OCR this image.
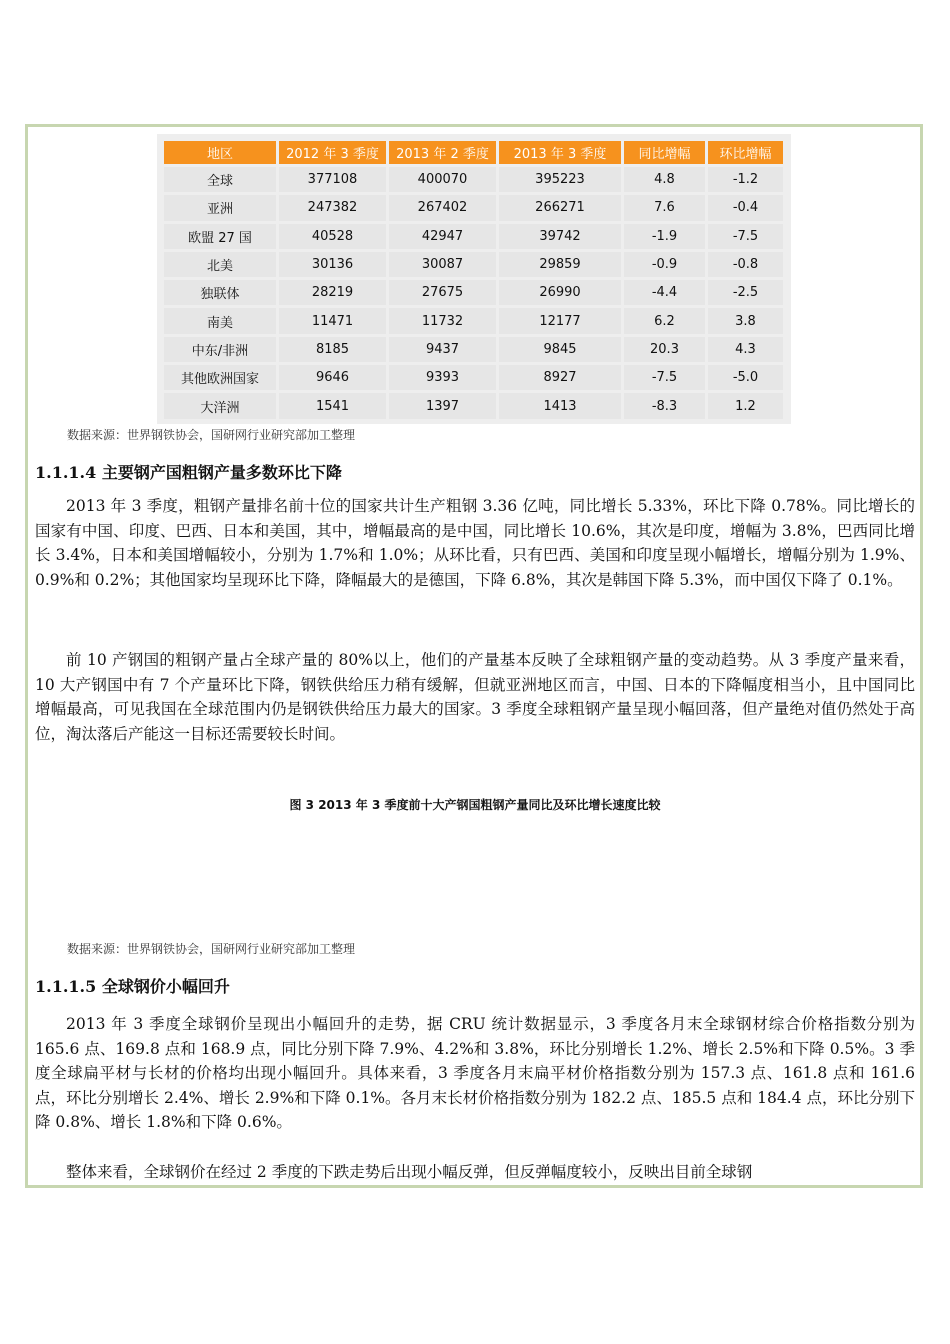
地区	2012 年 3 季度	2013 年 2 季度	2013 年 3 季度	同比增幅	环比增幅
全球	377108	400070	395223	4.8	-1.2
亚洲	247382	267402	266271	7.6	-0.4
欧盟 27 国	40528	42947	39742	-1.9	-7.5
北美	30136	30087	29859	-0.9	-0.8
独联体	28219	27675	26990	-4.4	-2.5
南美	11471	11732	12177	6.2	3.8
中东/非洲	8185	9437	9845	20.3	4.3
其他欧洲国家	9646	9393	8927	-7.5	-5.0
大洋洲	1541	1397	1413	-8.3	1.2
数据来源：世界钢铁协会，国研网行业研究部加工整理
1.1.1.4 主要钢产国粗钢产量多数环比下降
2013 年 3 季度，粗钢产量排名前十位的国家共计生产粗钢 3.36 亿吨，同比增长 5.33%，环比下降 0.78%。同比增长的国家有中国、印度、巴西、日本和美国，其中，增幅最高的是中国，同比增长 10.6%，其次是印度，增幅为 3.8%，巴西同比增长 3.4%，日本和美国增幅较小，分别为 1.7%和 1.0%；从环比看，只有巴西、美国和印度呈现小幅增长，增幅分别为 1.9%、0.9%和 0.2%；其他国家均呈现环比下降，降幅最大的是德国，下降 6.8%，其次是韩国下降 5.3%，而中国仅下降了 0.1%。
前 10 产钢国的粗钢产量占全球产量的 80%以上，他们的产量基本反映了全球粗钢产量的变动趋势。从 3 季度产量来看，10 大产钢国中有 7 个产量环比下降，钢铁供给压力稍有缓解，但就亚洲地区而言，中国、日本的下降幅度相当小，且中国同比增幅最高，可见我国在全球范围内仍是钢铁供给压力最大的国家。3 季度全球粗钢产量呈现小幅回落，但产量绝对值仍然处于高位，淘汰落后产能这一目标还需要较长时间。
图 3 2013 年 3 季度前十大产钢国粗钢产量同比及环比增长速度比较
数据来源：世界钢铁协会，国研网行业研究部加工整理
1.1.1.5 全球钢价小幅回升
2013 年 3 季度全球钢价呈现出小幅回升的走势，据 CRU 统计数据显示，3 季度各月末全球钢材综合价格指数分别为 165.6 点、169.8 点和 168.9 点，同比分别下降 7.9%、4.2%和 3.8%，环比分别增长 1.2%、增长 2.5%和下降 0.5%。3 季度全球扁平材与长材的价格均出现小幅回升。具体来看，3 季度各月末扁平材价格指数分别为 157.3 点、161.8 点和 161.6 点，环比分别增长 2.4%、增长 2.9%和下降 0.1%。各月末长材价格指数分别为 182.2 点、185.5 点和 184.4 点，环比分别下降 0.8%、增长 1.8%和下降 0.6%。
整体来看，全球钢价在经过 2 季度的下跌走势后出现小幅反弹，但反弹幅度较小，反映出目前全球钢
